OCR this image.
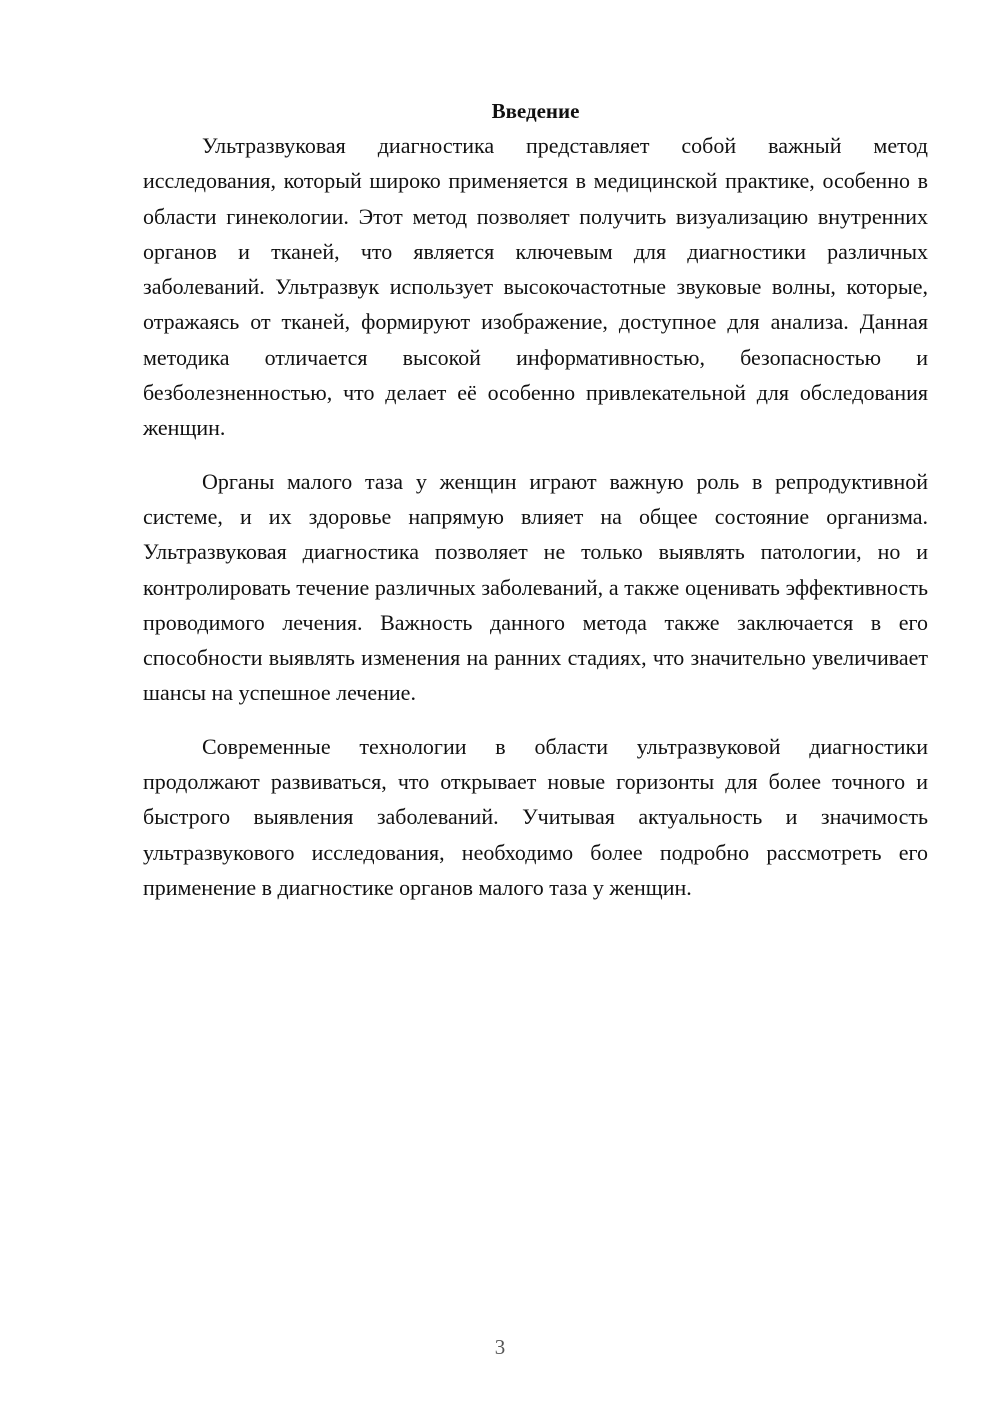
Введение

Ультразвуковая диагностика представляет собой важный метод исследования, который широко применяется в медицинской практике, особенно в области гинекологии. Этот метод позволяет получить визуализацию внутренних органов и тканей, что является ключевым для диагностики различных заболеваний. Ультразвук использует высокочастотные звуковые волны, которые, отражаясь от тканей, формируют изображение, доступное для анализа. Данная методика отличается высокой информативностью, безопасностью и безболезненностью, что делает её особенно привлекательной для обследования женщин.

Органы малого таза у женщин играют важную роль в репродуктивной системе, и их здоровье напрямую влияет на общее состояние организма. Ультразвуковая диагностика позволяет не только выявлять патологии, но и контролировать течение различных заболеваний, а также оценивать эффективность проводимого лечения. Важность данного метода также заключается в его способности выявлять изменения на ранних стадиях, что значительно увеличивает шансы на успешное лечение.

Современные технологии в области ультразвуковой диагностики продолжают развиваться, что открывает новые горизонты для более точного и быстрого выявления заболеваний. Учитывая актуальность и значимость ультразвукового исследования, необходимо более подробно рассмотреть его применение в диагностике органов малого таза у женщин.

3
